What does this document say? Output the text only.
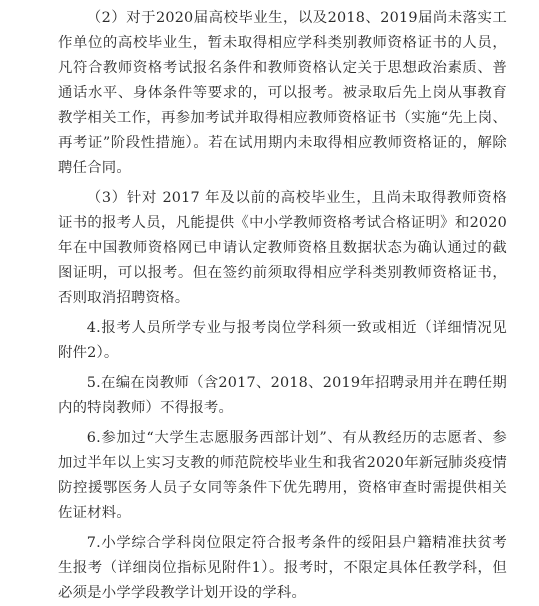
（2）对于2020届高校毕业生，以及2018、2019届尚未落实工作单位的高校毕业生，暂未取得相应学科类别教师资格证书的人员，凡符合教师资格考试报名条件和教师资格认定关于思想政治素质、普通话水平、身体条件等要求的，可以报考。被录取后先上岗从事教育教学相关工作，再参加考试并取得相应教师资格证书（实施“先上岗、再考证”阶段性措施）。若在试用期内未取得相应教师资格证的，解除聘任合同。

（3）针对 2017 年及以前的高校毕业生，且尚未取得教师资格证书的报考人员，凡能提供《中小学教师资格考试合格证明》和2020年在中国教师资格网已申请认定教师资格且数据状态为确认通过的截图证明，可以报考。但在签约前须取得相应学科类别教师资格证书，否则取消招聘资格。

4.报考人员所学专业与报考岗位学科须一致或相近（详细情况见附件2）。

5.在编在岗教师（含2017、2018、2019年招聘录用并在聘任期内的特岗教师）不得报考。

6.参加过“大学生志愿服务西部计划”、有从教经历的志愿者、参加过半年以上实习支教的师范院校毕业生和我省2020年新冠肺炎疫情防控援鄂医务人员子女同等条件下优先聘用，资格审查时需提供相关佐证材料。

7.小学综合学科岗位限定符合报考条件的绥阳县户籍精准扶贫考生报考（详细岗位指标见附件1）。报考时，不限定具体任教学科，但必须是小学学段教学计划开设的学科。
